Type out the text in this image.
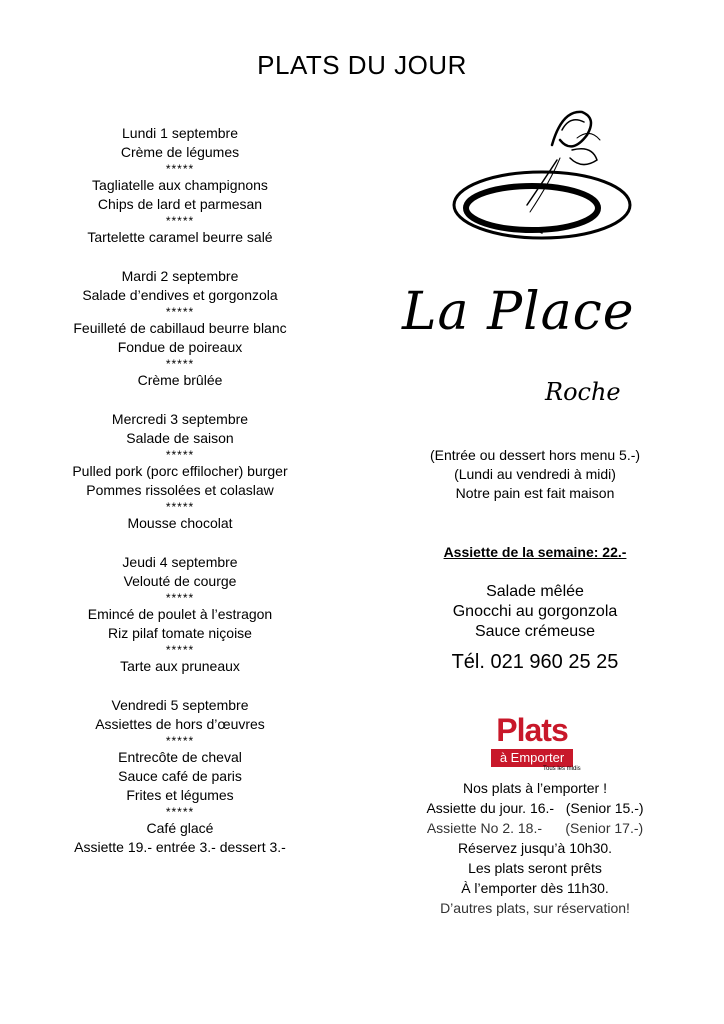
PLATS DU JOUR
Lundi 1 septembre
Crème de légumes
*****
Tagliatelle aux champignons
Chips de lard et parmesan
*****
Tartelette caramel beurre salé
Mardi 2 septembre
Salade d’endives et gorgonzola
*****
Feuilleté de cabillaud beurre blanc
Fondue de poireaux
*****
Crème brûlée
Mercredi 3 septembre
Salade de saison
*****
Pulled pork (porc effilocher) burger
Pommes rissolées et colaslaw
*****
Mousse chocolat
Jeudi 4 septembre
Velouté de courge
*****
Emincé de poulet à l’estragon
Riz pilaf tomate niçoise
*****
Tarte aux pruneaux
Vendredi 5 septembre
Assiettes de hors d’œuvres
*****
Entrecôte de cheval
Sauce café de paris
Frites et légumes
*****
Café glacé
Assiette 19.- entrée 3.- dessert 3.-
La Place
Roche
(Entrée ou dessert hors menu 5.-)
(Lundi au vendredi à midi)
Notre pain est fait maison
Assiette de la semaine: 22.-
Salade mêlée
Gnocchi au gorgonzola
Sauce crémeuse
Tél. 021 960 25 25
Plats
à Emporter
Tous les midis
Nos plats à l’emporter !
Assiette du jour. 16.-   (Senior 15.-)
Assiette No 2. 18.-      (Senior 17.-)
Réservez jusqu’à 10h30.
Les plats seront prêts
À l’emporter dès 11h30.
D’autres plats, sur réservation!
